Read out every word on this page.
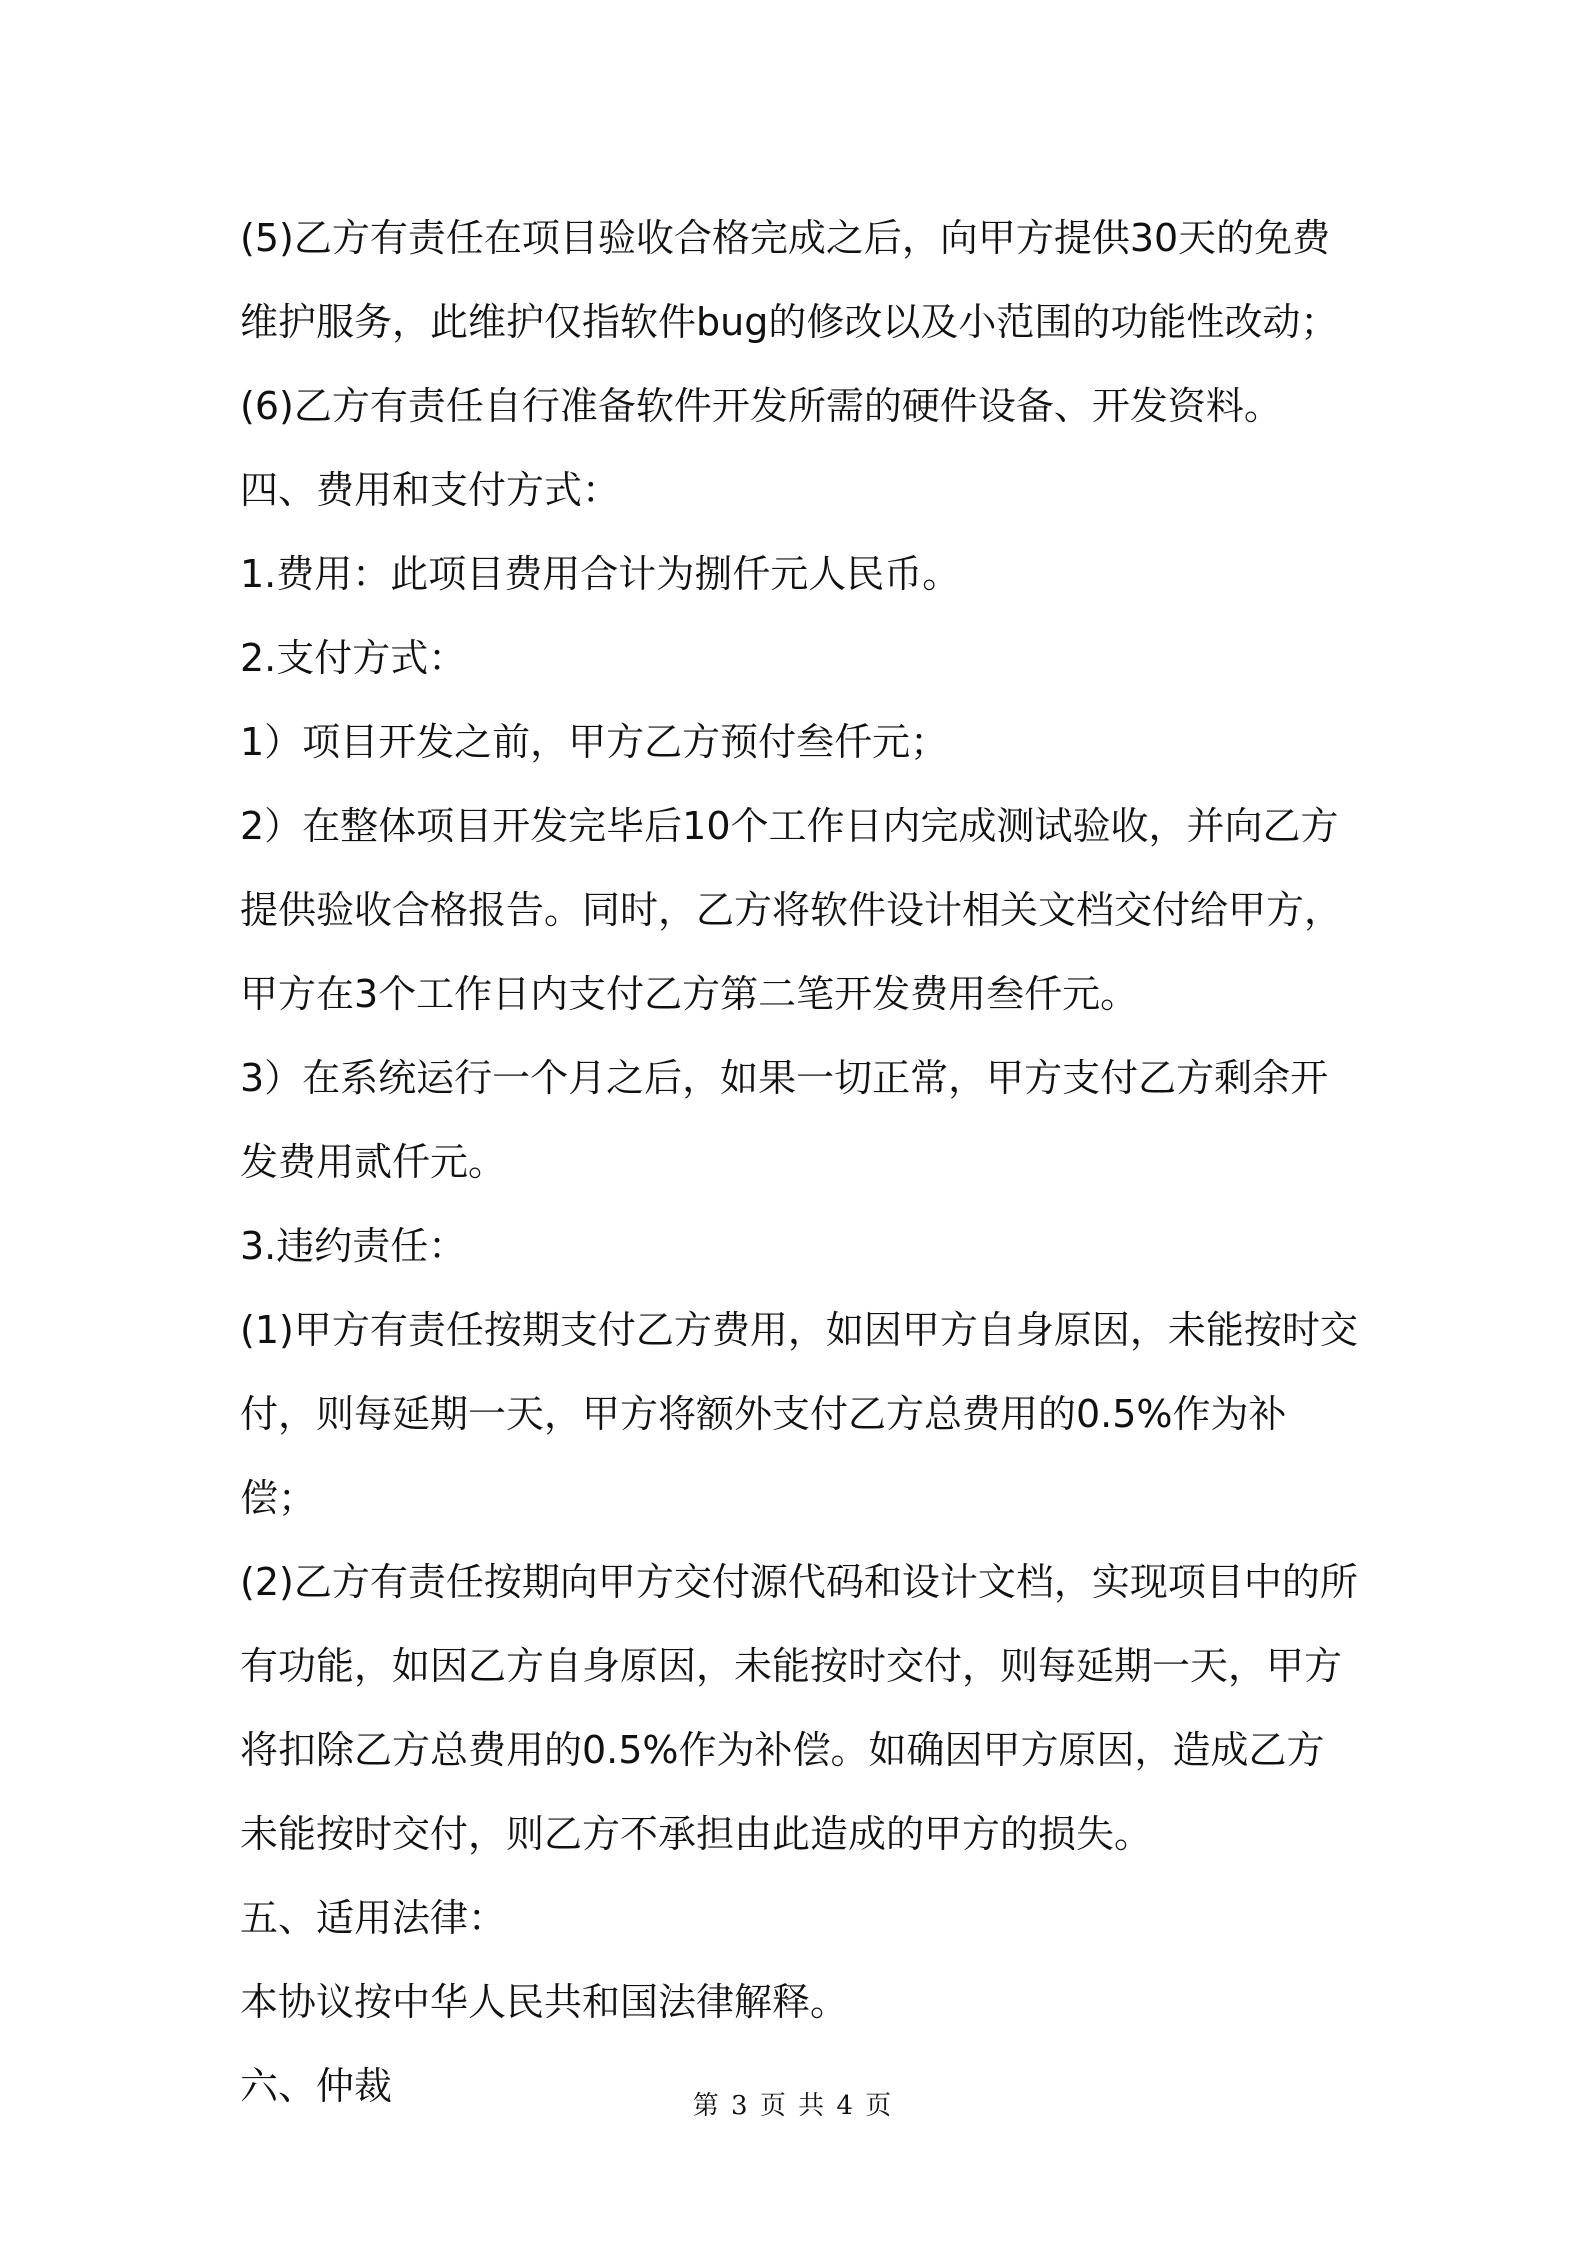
(5)乙方有责任在项目验收合格完成之后，向甲方提供30天的免费维护服务，此维护仅指软件bug的修改以及小范围的功能性改动；

(6)乙方有责任自行准备软件开发所需的硬件设备、开发资料。

四、费用和支付方式：

1.费用：此项目费用合计为捌仟元人民币。

2.支付方式：

1）项目开发之前，甲方乙方预付叁仟元；

2）在整体项目开发完毕后10个工作日内完成测试验收，并向乙方提供验收合格报告。同时，乙方将软件设计相关文档交付给甲方，甲方在3个工作日内支付乙方第二笔开发费用叁仟元。

3）在系统运行一个月之后，如果一切正常，甲方支付乙方剩余开发费用贰仟元。

3.违约责任：

(1)甲方有责任按期支付乙方费用，如因甲方自身原因，未能按时交付，则每延期一天，甲方将额外支付乙方总费用的0.5%作为补偿；

(2)乙方有责任按期向甲方交付源代码和设计文档，实现项目中的所有功能，如因乙方自身原因，未能按时交付，则每延期一天，甲方将扣除乙方总费用的0.5%作为补偿。如确因甲方原因，造成乙方未能按时交付，则乙方不承担由此造成的甲方的损失。

五、适用法律：

本协议按中华人民共和国法律解释。

六、仲裁	第 3 页 共 4 页
